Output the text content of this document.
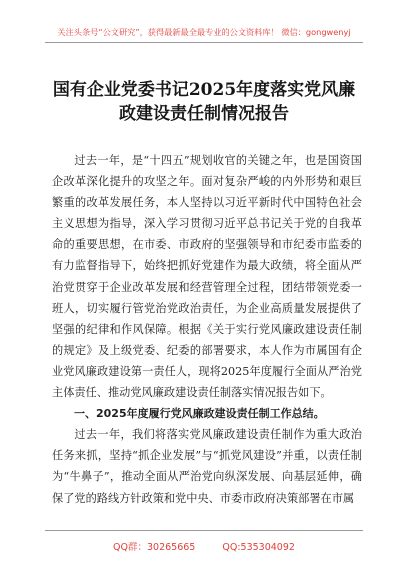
关注头条号“公文研究”，获得最新最全最专业的公文资料库！ 微信：gongwenyj
国有企业党委书记2025年度落实党风廉
政建设责任制情况报告

过去一年，是“十四五”规划收官的关键之年，也是国资国企改革深化提升的攻坚之年。面对复杂严峻的内外形势和艰巨繁重的改革发展任务，本人坚持以习近平新时代中国特色社会主义思想为指导，深入学习贯彻习近平总书记关于党的自我革命的重要思想，在市委、市政府的坚强领导和市纪委市监委的有力监督指导下，始终把抓好党建作为最大政绩，将全面从严治党贯穿于企业改革发展和经营管理全过程，团结带领党委一班人，切实履行管党治党政治责任，为企业高质量发展提供了坚强的纪律和作风保障。根据《关于实行党风廉政建设责任制的规定》及上级党委、纪委的部署要求，本人作为市属国有企业党风廉政建设第一责任人，现将2025年度履行全面从严治党主体责任、推动党风廉政建设责任制落实情况报告如下。

一、2025年度履行党风廉政建设责任制工作总结。

过去一年，我们将落实党风廉政建设责任制作为重大政治任务来抓，坚持“抓企业发展”与“抓党风建设”并重，以责任制为“牛鼻子”，推动全面从严治党向纵深发展、向基层延伸，确保了党的路线方针政策和党中央、市委市政府决策部署在市属

QQ群：30265665	QQ:535304092
